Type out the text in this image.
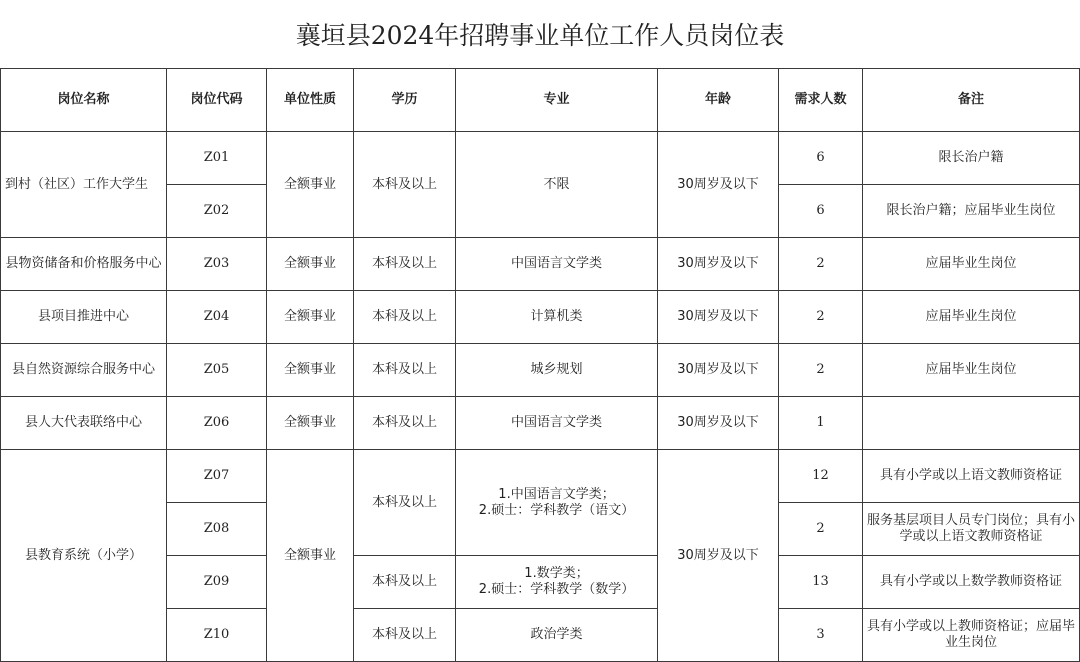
襄垣县2024年招聘事业单位工作人员岗位表
岗位名称	岗位代码	单位性质	学历	专业	年龄	需求人数	备注
到村（社区）工作大学生	Z01	全额事业	本科及以上	不限	30周岁及以下	6	限长治户籍
	Z02					6	限长治户籍；应届毕业生岗位
县物资储备和价格服务中心	Z03	全额事业	本科及以上	中国语言文学类	30周岁及以下	2	应届毕业生岗位
县项目推进中心	Z04	全额事业	本科及以上	计算机类	30周岁及以下	2	应届毕业生岗位
县自然资源综合服务中心	Z05	全额事业	本科及以上	城乡规划	30周岁及以下	2	应届毕业生岗位
县人大代表联络中心	Z06	全额事业	本科及以上	中国语言文学类	30周岁及以下	1	
县教育系统（小学）	Z07	全额事业	本科及以上	1.中国语言文学类；
2.硕士：学科教学（语文）	30周岁及以下	12	具有小学或以上语文教师资格证
	Z08					2	服务基层项目人员专门岗位；具有小学或以上语文教师资格证
	Z09		本科及以上	1.数学类；
2.硕士：学科教学（数学）		13	具有小学或以上数学教师资格证
	Z10		本科及以上	政治学类		3	具有小学或以上教师资格证；应届毕业生岗位
